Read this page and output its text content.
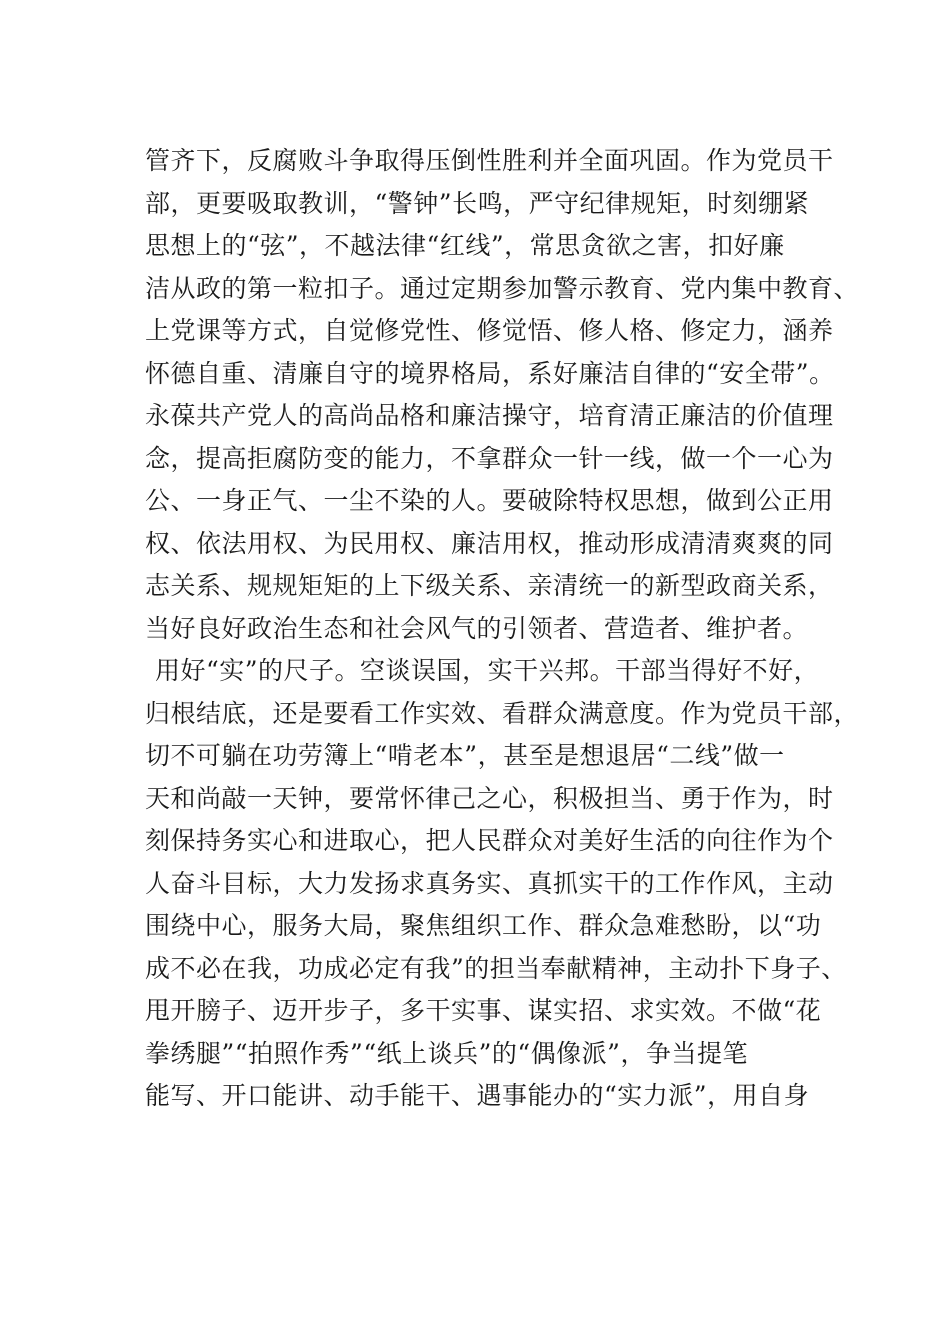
管齐下，反腐败斗争取得压倒性胜利并全面巩固。作为党员干
部，更要吸取教训，“警钟”长鸣，严守纪律规矩，时刻绷紧
思想上的“弦”，不越法律“红线”，常思贪欲之害，扣好廉
洁从政的第一粒扣子。通过定期参加警示教育、党内集中教育、
上党课等方式，自觉修党性、修觉悟、修人格、修定力，涵养
怀德自重、清廉自守的境界格局，系好廉洁自律的“安全带”。
永葆共产党人的高尚品格和廉洁操守，培育清正廉洁的价值理
念，提高拒腐防变的能力，不拿群众一针一线，做一个一心为
公、一身正气、一尘不染的人。要破除特权思想，做到公正用
权、依法用权、为民用权、廉洁用权，推动形成清清爽爽的同
志关系、规规矩矩的上下级关系、亲清统一的新型政商关系，
当好良好政治生态和社会风气的引领者、营造者、维护者。
用好“实”的尺子。空谈误国，实干兴邦。干部当得好不好，
归根结底，还是要看工作实效、看群众满意度。作为党员干部，
切不可躺在功劳簿上“啃老本”，甚至是想退居“二线”做一
天和尚敲一天钟，要常怀律己之心，积极担当、勇于作为，时
刻保持务实心和进取心，把人民群众对美好生活的向往作为个
人奋斗目标，大力发扬求真务实、真抓实干的工作作风，主动
围绕中心，服务大局，聚焦组织工作、群众急难愁盼，以“功
成不必在我，功成必定有我”的担当奉献精神，主动扑下身子、
甩开膀子、迈开步子，多干实事、谋实招、求实效。不做“花
拳绣腿”“拍照作秀”“纸上谈兵”的“偶像派”，争当提笔
能写、开口能讲、动手能干、遇事能办的“实力派”，用自身
